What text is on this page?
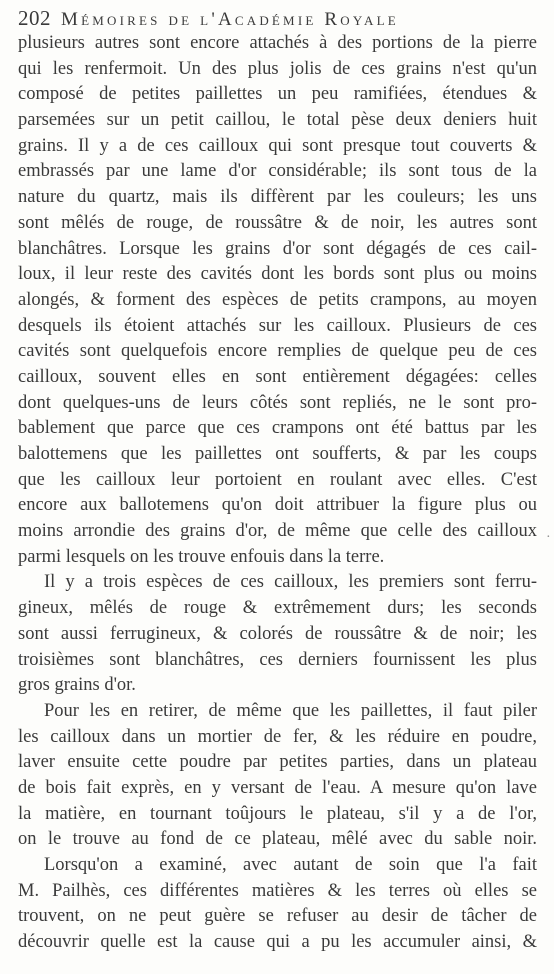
202 Mémoires de l'Académie Royale
plusieurs autres sont encore attachés à des portions de la pierre
qui les renfermoit. Un des plus jolis de ces grains n'est qu'un
composé de petites paillettes un peu ramifiées, étendues &
parsemées sur un petit caillou, le total pèse deux deniers huit
grains. Il y a de ces cailloux qui sont presque tout couverts &
embrassés par une lame d'or considérable; ils sont tous de la
nature du quartz, mais ils diffèrent par les couleurs; les uns
sont mêlés de rouge, de roussâtre & de noir, les autres sont
blanchâtres. Lorsque les grains d'or sont dégagés de ces cail-
loux, il leur reste des cavités dont les bords sont plus ou moins
alongés, & forment des espèces de petits crampons, au moyen
desquels ils étoient attachés sur les cailloux. Plusieurs de ces
cavités sont quelquefois encore remplies de quelque peu de ces
cailloux, souvent elles en sont entièrement dégagées: celles
dont quelques-uns de leurs côtés sont repliés, ne le sont pro-
bablement que parce que ces crampons ont été battus par les
balottemens que les paillettes ont soufferts, & par les coups
que les cailloux leur portoient en roulant avec elles. C'est
encore aux ballotemens qu'on doit attribuer la figure plus ou
moins arrondie des grains d'or, de même que celle des cailloux
parmi lesquels on les trouve enfouis dans la terre.
Il y a trois espèces de ces cailloux, les premiers sont ferru-
gineux, mêlés de rouge & extrêmement durs; les seconds
sont aussi ferrugineux, & colorés de roussâtre & de noir; les
troisièmes sont blanchâtres, ces derniers fournissent les plus
gros grains d'or.
Pour les en retirer, de même que les paillettes, il faut piler
les cailloux dans un mortier de fer, & les réduire en poudre,
laver ensuite cette poudre par petites parties, dans un plateau
de bois fait exprès, en y versant de l'eau. A mesure qu'on lave
la matière, en tournant toûjours le plateau, s'il y a de l'or,
on le trouve au fond de ce plateau, mêlé avec du sable noir.
Lorsqu'on a examiné, avec autant de soin que l'a fait
M. Pailhès, ces différentes matières & les terres où elles se
trouvent, on ne peut guère se refuser au desir de tâcher de
découvrir quelle est la cause qui a pu les accumuler ainsi, &
·
